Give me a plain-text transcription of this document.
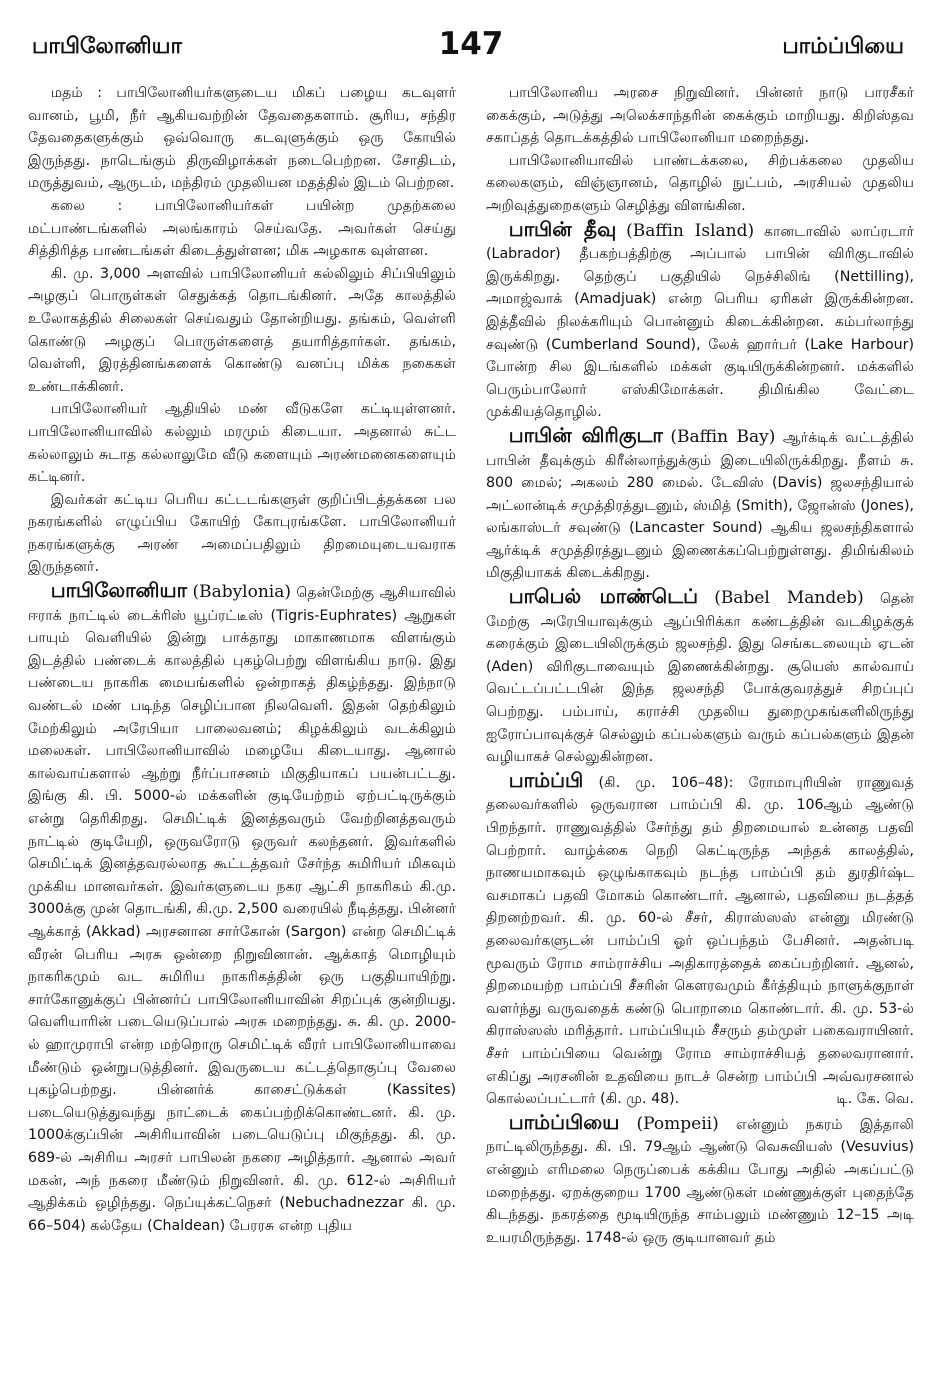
பாபிலோனியா	147	பாம்ப்பியை

மதம் : பாபிலோனியர்களுடைய மிகப் பழைய கடவுளர் வானம், பூமி, நீர் ஆகியவற்றின் தேவதைகளாம். சூரிய, சந்திர தேவதைகளுக்கும் ஒவ்வொரு கடவுளுக்கும் ஒரு கோயில் இருந்தது. நாடெங்கும் திருவிழாக்கள் நடைபெற்றன. சோதிடம், மருத்துவம், ஆருடம், மந்திரம் முதலியன மதத்தில் இடம் பெற்றன.

கலை : பாபிலோனியர்கள் பயின்ற முதற்கலை மட்பாண்டங்களில் அலங்காரம் செய்வதே. அவர்கள் செய்து சித்திரித்த பாண்டங்கள் கிடைத்துள்ளன; மிக அழகாக வுள்ளன.

கி. மு. 3,000 அளவில் பாபிலோனியர் கல்லிலும் சிப்பியிலும் அழகுப் பொருள்கள் செதுக்கத் தொடங்கினர். அதே காலத்தில் உலோகத்தில் சிலைகள் செய்வதும் தோன்றியது. தங்கம், வெள்ளி கொண்டு அழகுப் பொருள்களைத் தயாரித்தார்கள். தங்கம், வெள்ளி, இரத்தினங்களைக் கொண்டு வனப்பு மிக்க நகைகள் உண்டாக்கினர்.

பாபிலோனியர் ஆதியில் மண் வீடுகளே கட்டியுள்ளனர். பாபிலோனியாவில் கல்லும் மரமும் கிடையா. அதனால் சுட்ட கல்லாலும் சுடாத கல்லாலுமே வீடு களையும் அரண்மனைகளையும் கட்டினர்.

இவர்கள் கட்டிய பெரிய கட்டடங்களுள் குறிப்பிடத்தக்கன பல நகரங்களில் எழுப்பிய கோயிற் கோபுரங்களே. பாபிலோனியர் நகரங்களுக்கு அரண் அமைப்பதிலும் திறமையுடையவராக இருந்தனர்.

பாபிலோனியா (Babylonia) தென்மேற்கு ஆசியாவில் ஈராக் நாட்டில் டைக்ரிஸ் யூப்ரட்டீஸ் (Tigris-Euphrates) ஆறுகள் பாயும் வெளியில் இன்று பாக்தாது மாகாணமாக விளங்கும் இடத்தில் பண்டைக் காலத்தில் புகழ்பெற்று விளங்கிய நாடு. இது பண்டைய நாகரிக மையங்களில் ஒன்றாகத் திகழ்ந்தது. இந்நாடு வண்டல் மண் படிந்த செழிப்பான நிலவெளி. இதன் தெற்கிலும் மேற்கிலும் அரேபியா பாலைவனம்; கிழக்கிலும் வடக்கிலும் மலைகள். பாபிலோனியாவில் மழையே கிடையாது. ஆனால் கால்வாய்களால் ஆற்று நீர்ப்பாசனம் மிகுதியாகப் பயன்பட்டது. இங்கு கி. பி. 5000-ல் மக்களின் குடியேற்றம் ஏற்பட்டிருக்கும் என்று தெரிகிறது. செமிட்டிக் இனத்தவரும் வேற்றினத்தவரும் நாட்டில் குடியேறி, ஒருவரோடு ஒருவர் கலந்தனர். இவர்களில் செமிட்டிக் இனத்தவரல்லாத கூட்டத்தவர் சேர்ந்த சுமிரியர் மிகவும் முக்கிய மானவர்கள். இவர்களுடைய நகர ஆட்சி நாகரிகம் கி.மு. 3000க்கு முன் தொடங்கி, கி.மு. 2,500 வரையில் நீடித்தது. பின்னர் ஆக்காத் (Akkad) அரசனான சார்கோன் (Sargon) என்ற செமிட்டிக் வீரன் பெரிய அரசு ஒன்றை நிறுவினான். ஆக்காத் மொழியும் நாகரிகமும் வட சுமிரிய நாகரிகத்தின் ஒரு பகுதியாயிற்று. சார்கோனுக்குப் பின்னர்ப் பாபிலோனியாவின் சிறப்புக் குன்றியது. வெளியாரின் படையெடுப்பால் அரசு மறைந்தது. சு. கி. மு. 2000-ல் ஹாமுராபி என்ற மற்றொரு செமிட்டிக் வீரர் பாபிலோனியாவை மீண்டும் ஒன்றுபடுத்தினர். இவருடைய கட்டத்தொகுப்பு வேலை புகழ்பெற்றது. பின்னர்க் காசைட்டுக்கள் (Kassites) படையெடுத்துவந்து நாட்டைக் கைப்பற்றிக்கொண்டனர். கி. மு. 1000க்குப்பின் அசிரியாவின் படையெடுப்பு மிகுந்தது. கி. மு. 689-ல் அசிரிய அரசர் பாபிலன் நகரை அழித்தார். ஆனால் அவர் மகன், அந் நகரை மீண்டும் நிறுவினர். கி. மு. 612-ல் அசிரியர் ஆதிக்கம் ஒழிந்தது. நெப்யுக்கட்நெசர் (Nebuchadnezzar கி. மு. 66–504) கல்தேய (Chaldean) பேரரசு என்ற புதிய

பாபிலோனிய அரசை நிறுவினர். பின்னர் நாடு பாரசீகர் கைக்கும், அடுத்து அலெக்சாந்தரின் கைக்கும் மாறியது. கிறிஸ்தவ சகாப்தத் தொடக்கத்தில் பாபிலோனியா மறைந்தது.

பாபிலோனியாவில் பாண்டக்கலை, சிற்பக்கலை முதலிய கலைகளும், விஞ்ஞானம், தொழில் நுட்பம், அரசியல் முதலிய அறிவுத்துறைகளும் செழித்து விளங்கின.

பாபின் தீவு (Baffin Island) கானடாவில் லாப்ரடார் (Labrador) தீபகற்பத்திற்கு அப்பால் பாபின் விரிகுடாவில் இருக்கிறது. தெற்குப் பகுதியில் நெச்சிலிங் (Nettilling), அமாஜ்வாக் (Amadjuak) என்ற பெரிய ஏரிகள் இருக்கின்றன. இத்தீவில் நிலக்கரியும் பொன்னும் கிடைக்கின்றன. கம்பர்லாந்து சவுண்டு (Cumberland Sound), லேக் ஹார்பர் (Lake Harbour) போன்ற சில இடங்களில் மக்கள் குடியிருக்கின்றனர். மக்களில் பெரும்பாலோர் எஸ்கிமோக்கள். திமிங்கில வேட்டை முக்கியத்தொழில்.

பாபின் விரிகுடா (Baffin Bay) ஆர்க்டிக் வட்டத்தில் பாபின் தீவுக்கும் கிரீன்லாந்துக்கும் இடையிலிருக்கிறது. நீளம் சு. 800 மைல்; அகலம் 280 மைல். டேவிஸ் (Davis) ஜலசந்தியால் அட்லான்டிக் சமுத்திரத்துடனும், ஸ்மித் (Smith), ஜோன்ஸ் (Jones), லங்காஸ்டர் சவுண்டு (Lancaster Sound) ஆகிய ஜலசந்திகளால் ஆர்க்டிக் சமுத்திரத்துடனும் இணைக்கப்பெற்றுள்ளது. திமிங்கிலம் மிகுதியாகக் கிடைக்கிறது.

பாபெல் மாண்டெப் (Babel Mandeb) தென் மேற்கு அரேபியாவுக்கும் ஆப்பிரிக்கா கண்டத்தின் வடகிழக்குக் கரைக்கும் இடையிலிருக்கும் ஜலசந்தி. இது செங்கடலையும் ஏடன் (Aden) விரிகுடாவையும் இணைக்கின்றது. சூயெஸ் கால்வாய் வெட்டப்பட்டபின் இந்த ஜலசந்தி போக்குவரத்துச் சிறப்புப் பெற்றது. பம்பாய், கராச்சி முதலிய துறைமுகங்களிலிருந்து ஐரோப்பாவுக்குச் செல்லும் கப்பல்களும் வரும் கப்பல்களும் இதன் வழியாகச் செல்லுகின்றன.

பாம்ப்பி (கி. மு. 106–48): ரோமாபுரியின் ராணுவத் தலைவர்களில் ஒருவரான பாம்ப்பி கி. மு. 106ஆம் ஆண்டு பிறந்தார். ராணுவத்தில் சேர்ந்து தம் திறமையால் உன்னத பதவி பெற்றார். வாழ்க்கை நெறி கெட்டிருந்த அந்தக் காலத்தில், நாணயமாகவும் ஒழுங்காகவும் நடந்த பாம்ப்பி தம் துரதிர்ஷ்ட வசமாகப் பதவி மோகம் கொண்டார். ஆனால், பதவியை நடத்தத் திறனற்றவர். கி. மு. 60-ல் சீசர், கிராஸ்ஸஸ் என்னு மிரண்டு தலைவர்களுடன் பாம்ப்பி ஓர் ஒப்பந்தம் பேசினர். அதன்படி மூவரும் ரோம சாம்ராச்சிய அதிகாரத்தைக் கைப்பற்றினர். ஆனல், திறமையற்ற பாம்ப்பி சீசரின் கௌரவமும் கீர்த்தியும் நாளுக்குநாள் வளர்ந்து வருவதைக் கண்டு பொறாமை கொண்டார். கி. மு. 53-ல் கிராஸ்ஸஸ் மரித்தார். பாம்ப்பியும் சீசரும் தம்முள் பகைவராயினர். சீசர் பாம்ப்பியை வென்று ரோம சாம்ராச்சியத் தலைவரானார். எகிப்து அரசனின் உதவியை நாடச் சென்ற பாம்ப்பி அவ்வரசனால் கொல்லப்பட்டார் (கி. மு. 48).	டி. கே. வெ.

பாம்ப்பியை (Pompeii) என்னும் நகரம் இத்தாலி நாட்டிலிருந்தது. கி. பி. 79ஆம் ஆண்டு வெசுவியஸ் (Vesuvius) என்னும் எரிமலை நெருப்பைக் கக்கிய போது அதில் அகப்பட்டு மறைந்தது. ஏறக்குறைய 1700 ஆண்டுகள் மண்ணுக்குள் புதைந்தே கிடந்தது. நகரத்தை மூடியிருந்த சாம்பலும் மண்ணும் 12–15 அடி உயரமிருந்தது. 1748-ல் ஒரு குடியானவர் தம்
